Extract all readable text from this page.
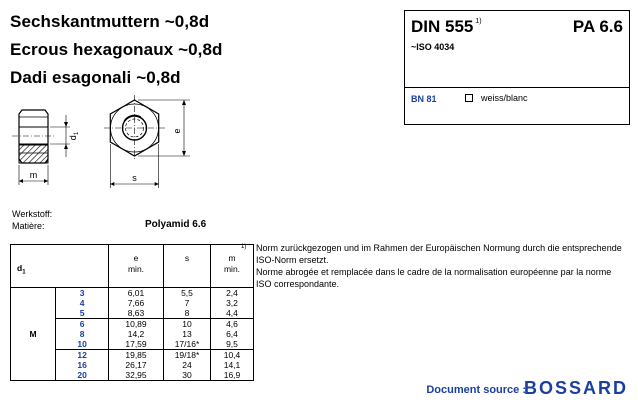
Sechskantmuttern ~0,8d
Ecrous hexagonaux ~0,8d
Dadi esagonali ~0,8d
DIN 555 $^{1)}$	PA 6.6
~ISO 4034
BN 81	weiss/blanc
m
$d_1$	e
s
Werkstoff:
Matière:	Polyamid 6.6
$d_1$		e
min.	s	m
min.
M	3	6,01	5,5	2,4
	4	7,66	7	3,2
	5	8,63	8	4,4
	6	10,89	10	4,6
	8	14,2	13	6,4
	10	17,59	17/16*	9,5
	12	19,85	19/18*	10,4
	16	26,17	24	14,1
	20	32,95	30	16,9
1) Norm zurückgezogen und im Rahmen der Europäischen Normung durch die entsprechende ISO-Norm ersetzt.
Norme abrogée et remplacée dans le cadre de la normalisation européenne par la norme ISO correspondante.
Document source :
BOSSARD
